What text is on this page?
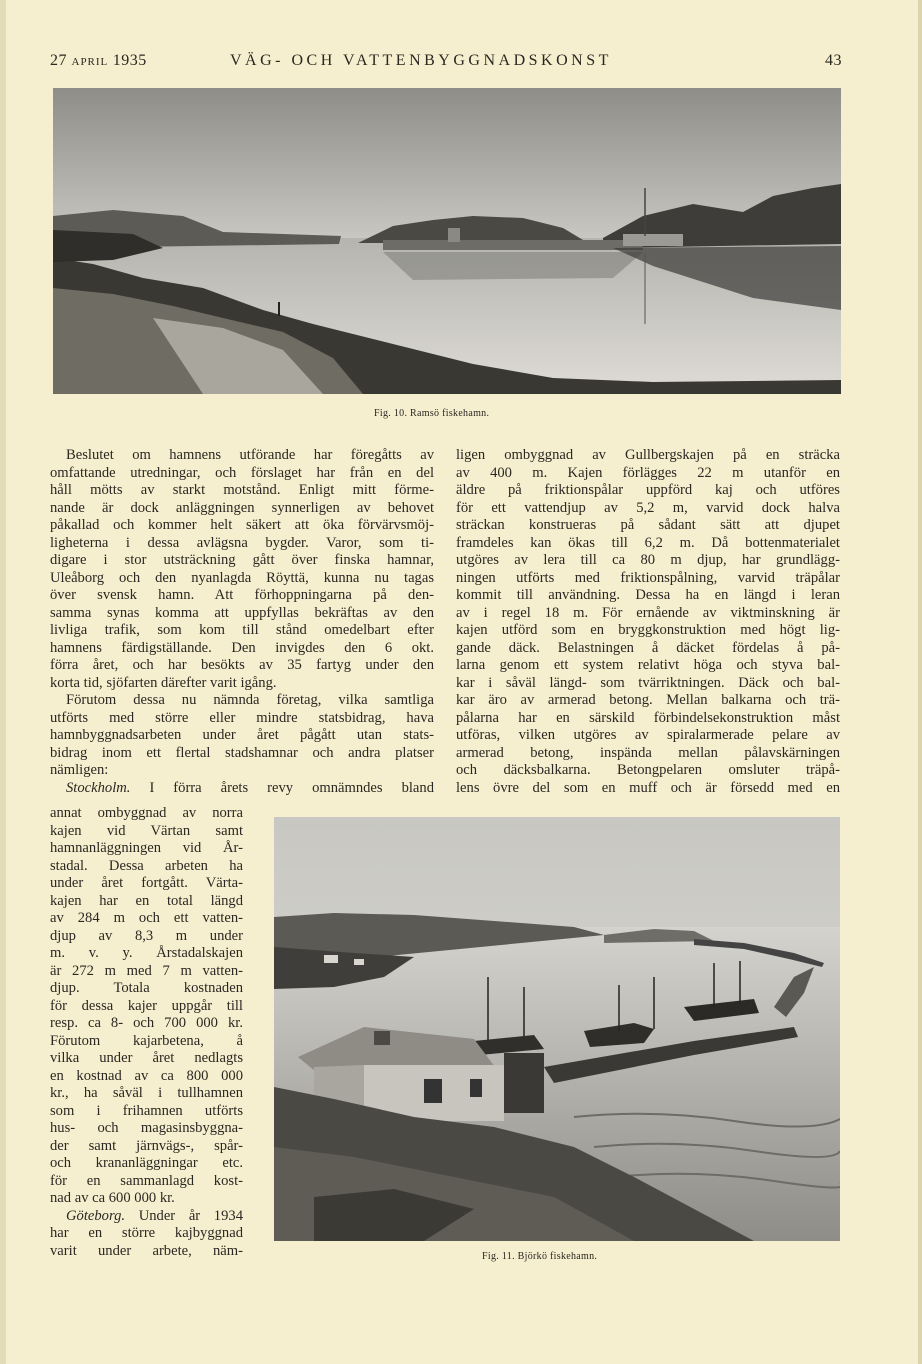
27 APRIL 1935	VÄG- OCH VATTENBYGGNADSKONST	43
Fig. 10. Ramsö fiskehamn.
Beslutet om hamnens utförande har föregåtts av
omfattande utredningar, och förslaget har från en del
håll mötts av starkt motstånd. Enligt mitt förme-
nande är dock anläggningen synnerligen av behovet
påkallad och kommer helt säkert att öka förvärvsmöj-
ligheterna i dessa avlägsna bygder. Varor, som ti-
digare i stor utsträckning gått över finska hamnar,
Uleåborg och den nyanlagda Röyttä, kunna nu tagas
över svensk hamn. Att förhoppningarna på den-
samma synas komma att uppfyllas bekräftas av den
livliga trafik, som kom till stånd omedelbart efter
hamnens färdigställande. Den invigdes den 6 okt.
förra året, och har besökts av 35 fartyg under den
korta tid, sjöfarten därefter varit igång.
Förutom dessa nu nämnda företag, vilka samtliga
utförts med större eller mindre statsbidrag, hava
hamnbyggnadsarbeten under året pågått utan stats-
bidrag inom ett flertal stadshamnar och andra platser
nämligen:
Stockholm. I förra årets revy omnämndes bland
annat ombyggnad av norra
kajen vid Värtan samt
hamnanläggningen vid År-
stadal. Dessa arbeten ha
under året fortgått. Värta-
kajen har en total längd
av 284 m och ett vatten-
djup av 8,3 m under
m. v. y. Årstadalskajen
är 272 m med 7 m vatten-
djup. Totala kostnaden
för dessa kajer uppgår till
resp. ca 8- och 700 000 kr.
Förutom kajarbetena, å
vilka under året nedlagts
en kostnad av ca 800 000
kr., ha såväl i tullhamnen
som i frihamnen utförts
hus- och magasinsbyggna-
der samt järnvägs-, spår-
och krananläggningar etc.
för en sammanlagd kost-
nad av ca 600 000 kr.
Göteborg. Under år 1934
har en större kajbyggnad
varit under arbete, näm-
ligen ombyggnad av Gullbergskajen på en sträcka
av 400 m. Kajen förlägges 22 m utanför en
äldre på friktionspålar uppförd kaj och utföres
för ett vattendjup av 5,2 m, varvid dock halva
sträckan konstrueras på sådant sätt att djupet
framdeles kan ökas till 6,2 m. Då bottenmaterialet
utgöres av lera till ca 80 m djup, har grundlägg-
ningen utförts med friktionspålning, varvid träpålar
kommit till användning. Dessa ha en längd i leran
av i regel 18 m. För ernående av viktminskning är
kajen utförd som en bryggkonstruktion med högt lig-
gande däck. Belastningen å däcket fördelas å på-
larna genom ett system relativt höga och styva bal-
kar i såväl längd- som tvärriktningen. Däck och bal-
kar äro av armerad betong. Mellan balkarna och trä-
pålarna har en särskild förbindelsekonstruktion måst
utföras, vilken utgöres av spiralarmerade pelare av
armerad betong, inspända mellan pålavskärningen
och däcksbalkarna. Betongpelaren omsluter träpå-
lens övre del som en muff och är försedd med en
Fig. 11. Björkö fiskehamn.
